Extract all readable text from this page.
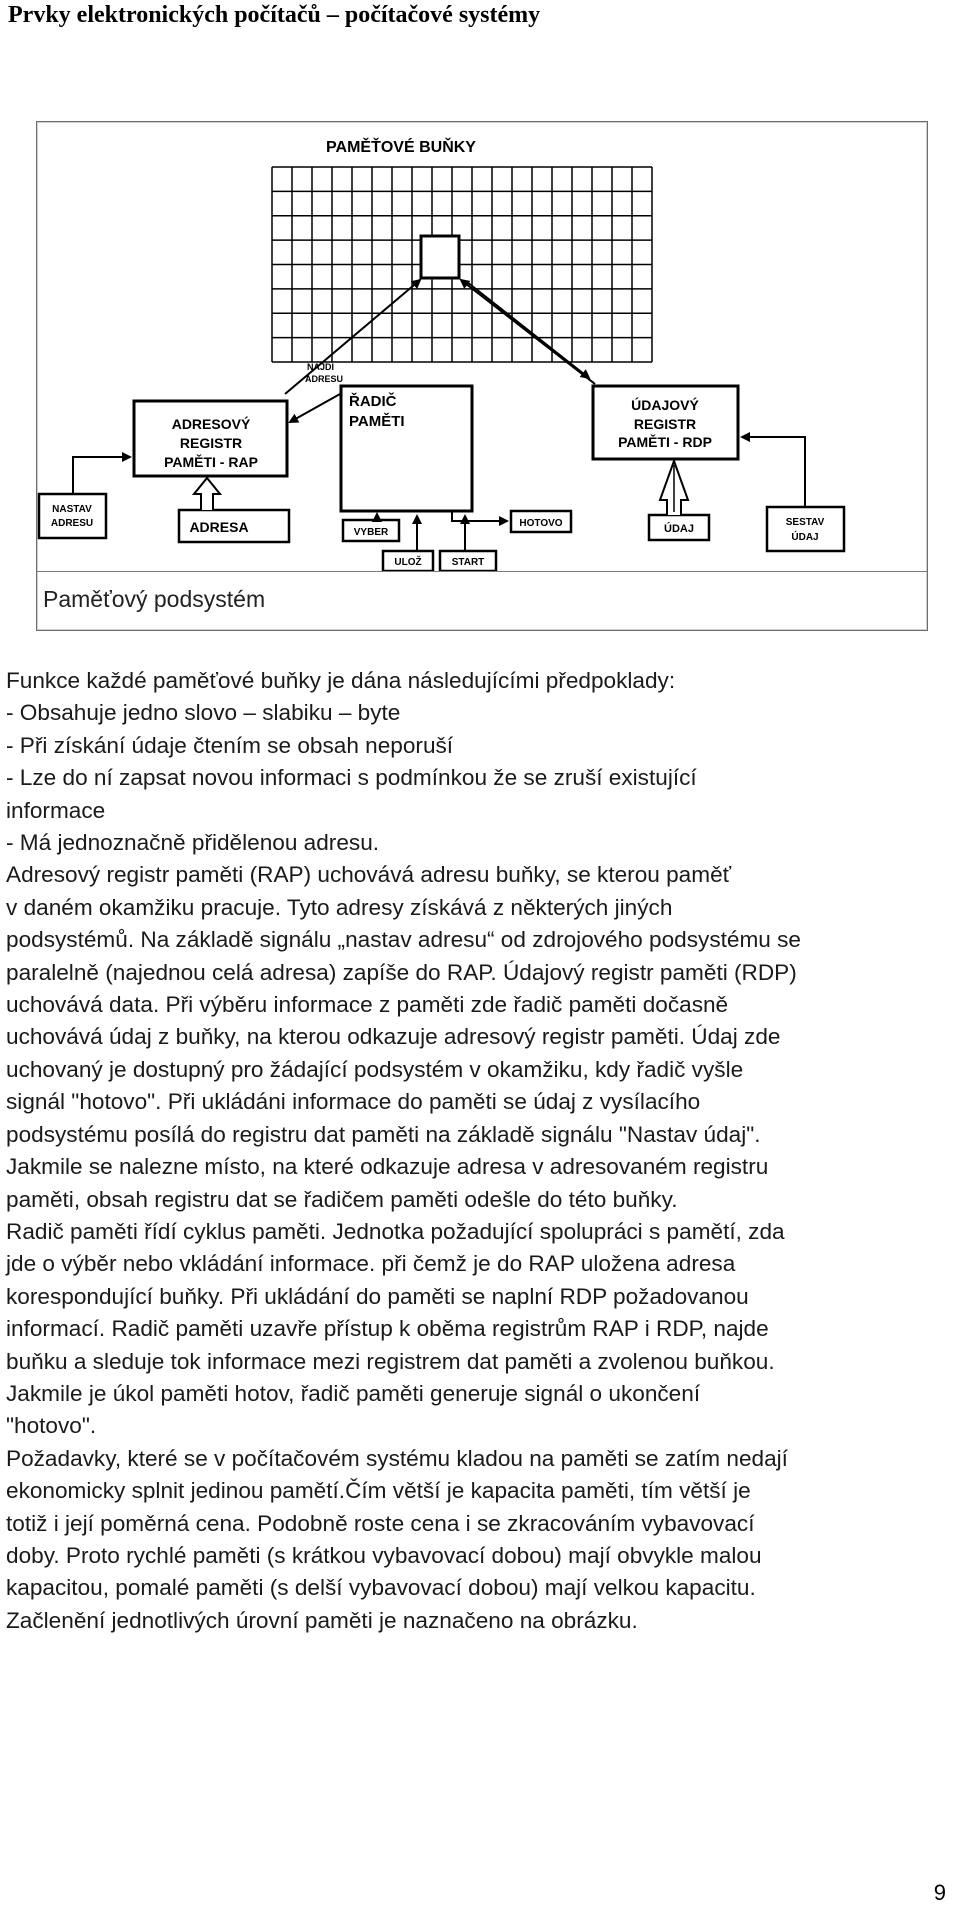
Prvky elektronických počítačů – počítačové systémy
PAMĚŤOVÉ BUŇKY
ADRESOVÝ
REGISTR
PAMĚTI - RAP
NAJDI
ADRESU
ŘADIČ
PAMĚTI
ÚDAJOVÝ
REGISTR
PAMĚTI - RDP
NASTAV
ADRESU	ADRESA	VYBER
HOTOVO	ÚDAJ
SESTAV
ÚDAJ
ULOŽ	START
Paměťový podsystém
Funkce každé paměťové buňky je dána následujícími předpoklady:
- Obsahuje jedno slovo – slabiku – byte
- Při získání údaje čtením se obsah neporuší
- Lze do ní zapsat novou informaci s podmínkou že se zruší existující
informace
- Má jednoznačně přidělenou adresu.
Adresový registr paměti (RAP) uchovává adresu buňky, se kterou paměť
v daném okamžiku pracuje. Tyto adresy získává z některých jiných
podsystémů. Na základě signálu „nastav adresu“ od zdrojového podsystému se
paralelně (najednou celá adresa) zapíše do RAP. Údajový registr paměti (RDP)
uchovává data. Při výběru informace z paměti zde řadič paměti dočasně
uchovává údaj z buňky, na kterou odkazuje adresový registr paměti. Údaj zde
uchovaný je dostupný pro žádající podsystém v okamžiku, kdy řadič vyšle
signál "hotovo". Při ukládáni informace do paměti se údaj z vysílacího
podsystému posílá do registru dat paměti na základě signálu "Nastav údaj".
Jakmile se nalezne místo, na které odkazuje adresa v adresovaném registru
paměti, obsah registru dat se řadičem paměti odešle do této buňky.
Radič paměti řídí cyklus paměti. Jednotka požadující spolupráci s pamětí, zda
jde o výběr nebo vkládání informace. při čemž je do RAP uložena adresa
korespondující buňky. Při ukládání do paměti se naplní RDP požadovanou
informací. Radič paměti uzavře přístup k oběma registrům RAP i RDP, najde
buňku a sleduje tok informace mezi registrem dat paměti a zvolenou buňkou.
Jakmile je úkol paměti hotov, řadič paměti generuje signál o ukončení
"hotovo".
Požadavky, které se v počítačovém systému kladou na paměti se zatím nedají
ekonomicky splnit jedinou pamětí.Čím větší je kapacita paměti, tím větší je
totiž i její poměrná cena. Podobně roste cena i se zkracováním vybavovací
doby. Proto rychlé paměti (s krátkou vybavovací dobou) mají obvykle malou
kapacitou, pomalé paměti (s delší vybavovací dobou) mají velkou kapacitu.
Začlenění jednotlivých úrovní paměti je naznačeno na obrázku.
9
